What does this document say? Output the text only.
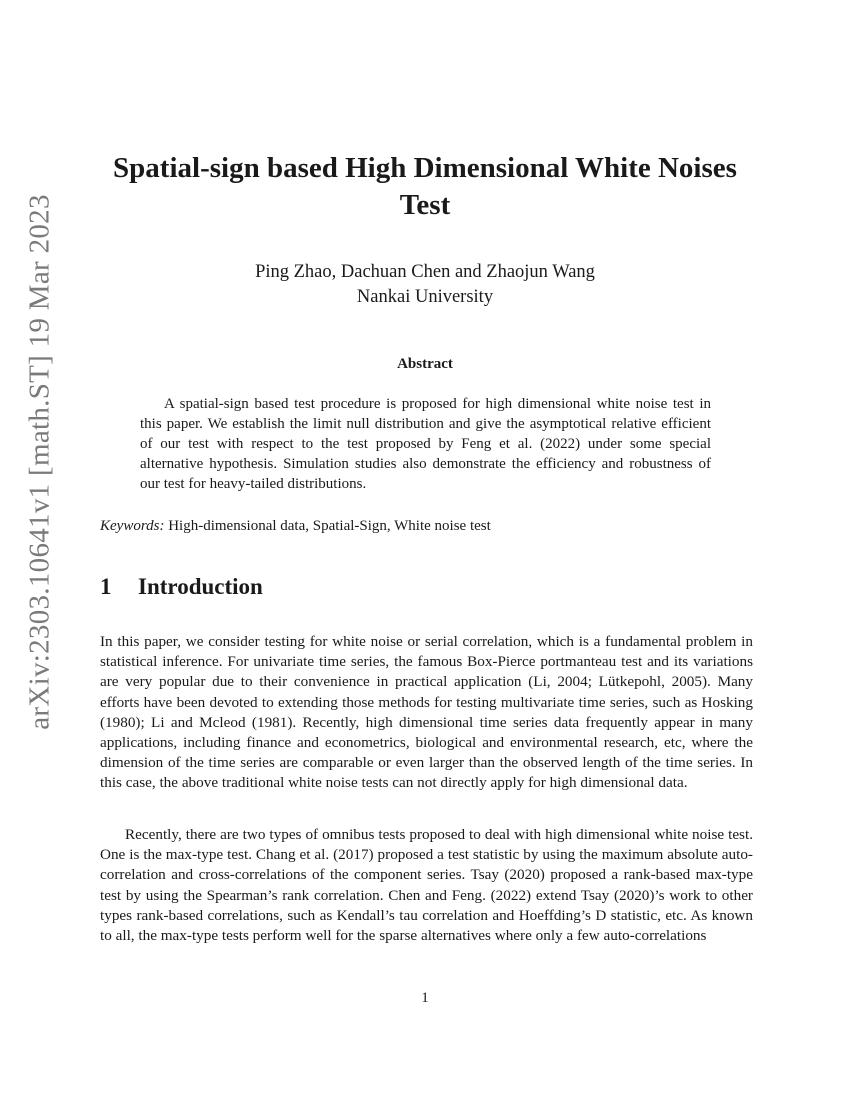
arXiv:2303.10641v1 [math.ST] 19 Mar 2023
Spatial-sign based High Dimensional White Noises Test
Ping Zhao, Dachuan Chen and Zhaojun Wang
Nankai University
Abstract

A spatial-sign based test procedure is proposed for high dimensional white noise test in this paper. We establish the limit null distribution and give the asymptotical relative efficient of our test with respect to the test proposed by Feng et al. (2022) under some special alternative hypothesis. Simulation studies also demonstrate the efficiency and robustness of our test for heavy-tailed distributions.

Keywords: High-dimensional data, Spatial-Sign, White noise test

1 Introduction

In this paper, we consider testing for white noise or serial correlation, which is a fundamental problem in statistical inference. For univariate time series, the famous Box-Pierce portmanteau test and its variations are very popular due to their convenience in practical application (Li, 2004; Lütkepohl, 2005). Many efforts have been devoted to extending those methods for testing multivariate time series, such as Hosking (1980); Li and Mcleod (1981). Recently, high dimensional time series data frequently appear in many applications, including finance and econometrics, biological and environmental research, etc, where the dimension of the time series are comparable or even larger than the observed length of the time series. In this case, the above traditional white noise tests can not directly apply for high dimensional data.

Recently, there are two types of omnibus tests proposed to deal with high dimensional white noise test. One is the max-type test. Chang et al. (2017) proposed a test statistic by using the maximum absolute auto-correlation and cross-correlations of the component series. Tsay (2020) proposed a rank-based max-type test by using the Spearman’s rank correlation. Chen and Feng. (2022) extend Tsay (2020)’s work to other types rank-based correlations, such as Kendall’s tau correlation and Hoeffding’s D statistic, etc. As known to all, the max-type tests perform well for the sparse alternatives where only a few auto-correlations

1
